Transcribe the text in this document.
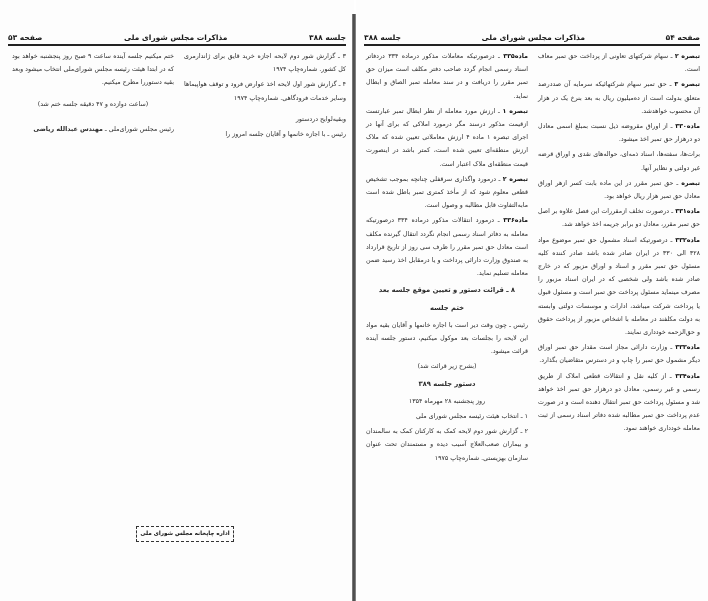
جلسه ۳۸۸
مذاکرات مجلس شورای ملی
صفحه ۵۳

۳ ـ گزارش شور دوم لایحه اجازه خرید قایق برای ژاندارمری کل کشور. شماره‌چاپ ۱۹۷۴

۴ ـ گزارش شور اول لایحه اخذ عوارض فرود و توقف هواپیماها وسایر خدمات فرودگاهی. شماره‌چاپ ۱۹۷۴

وبقیه‌لوایح دردستور

رئیس ـ با اجازه خانمها و آقایان جلسه امروز را

ختم میکنیم جلسه آینده ساعت ۹ صبح روز پنجشنبه خواهد بود که در ابتدا هیئت رئیسه مجلس شورای‌ملی انتخاب میشود وبعد بقیه دستوررا مطرح میکنیم.

(ساعت دوازده و ۴۷ دقیقه جلسه ختم شد)

رئیس مجلس شورای‌ملی ـ مهندس عبدالله ریاضی

اداره چاپخانه مجلس شورای ملی
صفحه ۵۴
مذاکرات مجلس شورای ملی
جلسه ۳۸۸

تبصره ۲ ـ سهام شرکتهای تعاونی از پرداخت حق تمبر معاف است.

تبصره ۳ ـ حق تمبر سهام شرکتهائیکه سرمایه آن صددرصد متعلق بدولت است از ده‌میلیون ریال به بعد بنرخ یک در هزار آن محسوب خواهدشد.

ماده۳۳۰ ـ از اوراق مقروضه ذیل نسبت بمبلغ اسمی معادل دو درهزار حق تمبر اخذ میشود.

برات‌ها، سفته‌ها، اسناد ذمه‌ای، حواله‌های نقدی و اوراق قرضه غیر دولتی و نظایر آنها.

تبصره ـ حق تمبر مقرر در این ماده بابت کسر ازهر اوراق معادل حق تمبر هزار ریال خواهد بود.

ماده۳۳۱ ـ درصورت تخلف ازمقررات این فصل علاوه بر اصل حق تمبر مقرر، معادل دو برابر جریمه اخذ خواهد شد.

ماده۳۳۲ ـ درصورتیکه اسناد مشمول حق تمبر موضوع مواد ۳۲۸ الی ۳۳۰ در ایران صادر شده باشد صادر کننده کلیه مسئول حق تمبر مقرر و اسناد و اوراق مزبور که در خارج صادر شده باشد ولی شخصی که در ایران اسناد مزبور را مصرف مینماید مسئول پرداخت حق تمبر است و مسئول قبول یا پرداخت شرکت میباشد، ادارات و موسسات دولتی وابسته به دولت مکلفند در معامله با اشخاص مزبور از پرداخت حقوق و حق‌الزحمه خودداری نمایند.

ماده۳۳۳ ـ وزارت دارائی مجاز است مقدار حق تمبر اوراق دیگر مشمول حق تمبر را چاپ و در دسترس متقاضیان بگذارد.

ماده۳۳۴ ـ از کلیه نقل و انتقالات قطعی املاک از طریق رسمی و غیر رسمی، معادل دو درهزار حق تمبر اخذ خواهد شد و مسئول پرداخت حق تمبر انتقال دهنده است و در صورت عدم پرداخت حق تمبر مطالبه شده دفاتر اسناد رسمی از ثبت معامله خودداری خواهند نمود.

ماده۳۳۵ ـ درصورتیکه معاملات مذکور درماده ۳۳۴ دردفاتر اسناد رسمی انجام گردد صاحب دفتر مکلف است میزان حق تمبر مقرر را دریافت و در سند معامله تمبر الصاق و ابطال نماید.

تبصره ۱ ـ ارزش مورد معامله از نظر ابطال تمبر عبارتست ازقیمت مذکور درسند مگر درمورد املاکی که برای آنها در اجرای تبصره ۱ ماده ۴ ارزش معاملاتی تعیین شده که ملاک ارزش منطقه‌ای تعیین شده است، کمتر باشد در اینصورت قیمت منطقه‌ای ملاک اعتبار است.

تبصره ۲ ـ درمورد واگذاری سرقفلی چنانچه بموجب تشخیص قطعی معلوم شود که از مأخذ کمتری تمبر باطل شده است مابه‌التفاوت قابل مطالبه و وصول است.

ماده۳۳۶ ـ درمورد انتقالات مذکور درماده ۳۳۴ درصورتیکه معامله به دفاتر اسناد رسمی انجام نگردد انتقال گیرنده مکلف است معادل حق تمبر مقرر را ظرف سی روز از تاریخ قرارداد به صندوق وزارت دارائی پرداخت و یا درمقابل اخذ رسید ضمن معامله تسلیم نماید.

۸ ـ قرائت دستور و تعیین موقع جلسه بعد
ختم جلسه

رئیس ـ چون وقت دیر است با اجازه خانمها و آقایان بقیه مواد این لایحه را بجلسات بعد موکول میکنیم، دستور جلسه آینده قرائت میشود.

(بشرح زیر قرائت شد)

دستور جلسه ۳۸۹

روز پنجشنبه ۲۸ مهرماه ۱۳۵۴

۱ ـ انتخاب هیئت رئیسه مجلس شورای ملی

۲ ـ گزارش شور دوم لایحه کمک به کارکنان کمک به سالمندان و بیماران صعب‌العلاج آسیب دیده و مستمندان تحت عنوان سازمان بهزیستی. شماره‌چاپ ۱۹۷۵
